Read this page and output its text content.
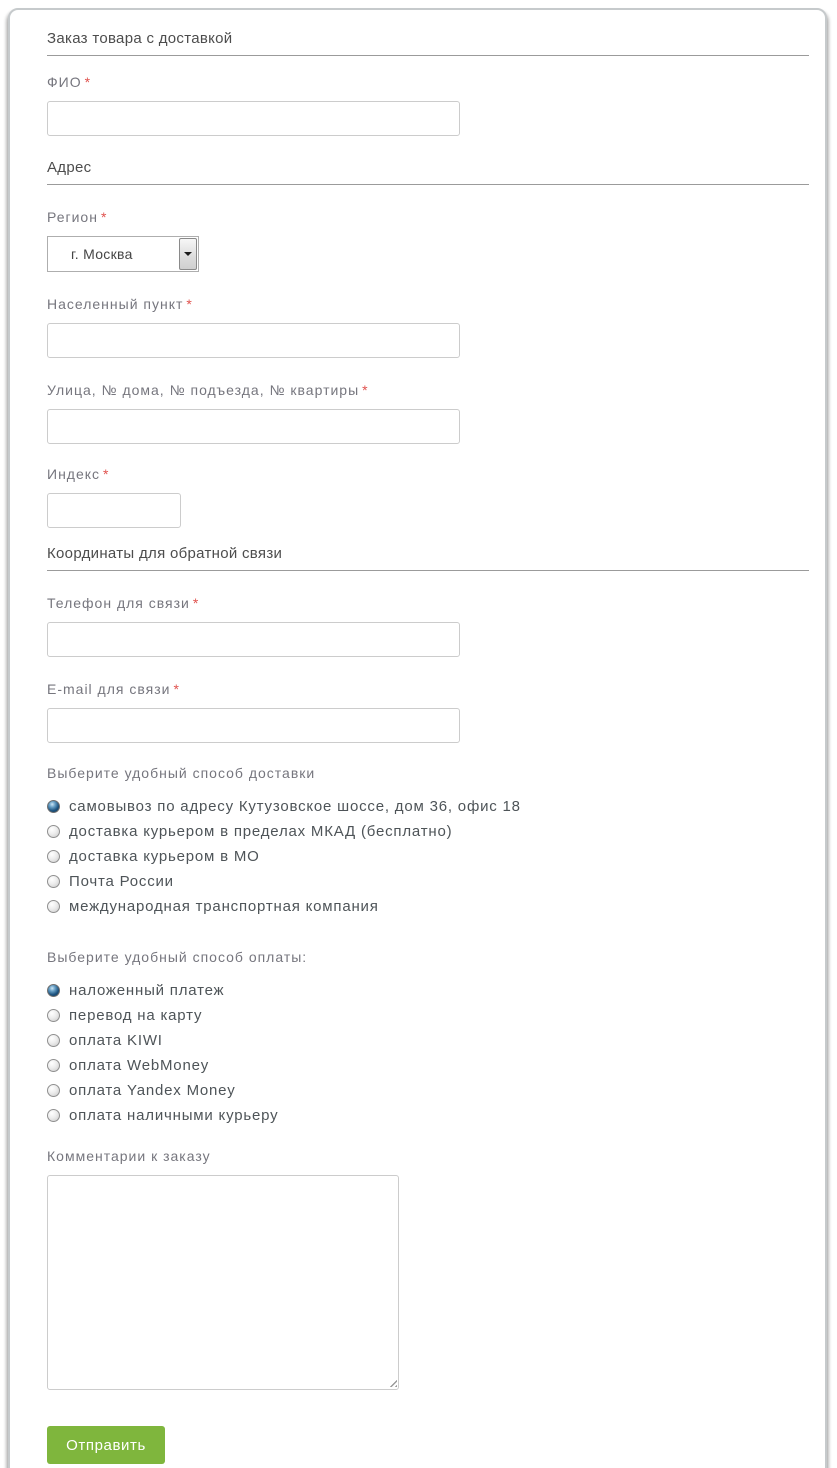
Заказ товара с доставкой
ФИО *
Адрес
Регион *
г. Москва
Населенный пункт *
Улица, № дома, № подъезда, № квартиры *
Индекс *
Координаты для обратной связи
Телефон для связи *
E-mail для связи *
Выберите удобный способ доставки
самовывоз по адресу Кутузовское шоссе, дом 36, офис 18
доставка курьером в пределах МКАД (бесплатно)
доставка курьером в МО
Почта России
международная транспортная компания
Выберите удобный способ оплаты:
наложенный платеж
перевод на карту
оплата KIWI
оплата WebMoney
оплата Yandex Money
оплата наличными курьеру
Комментарии к заказу
Отправить
